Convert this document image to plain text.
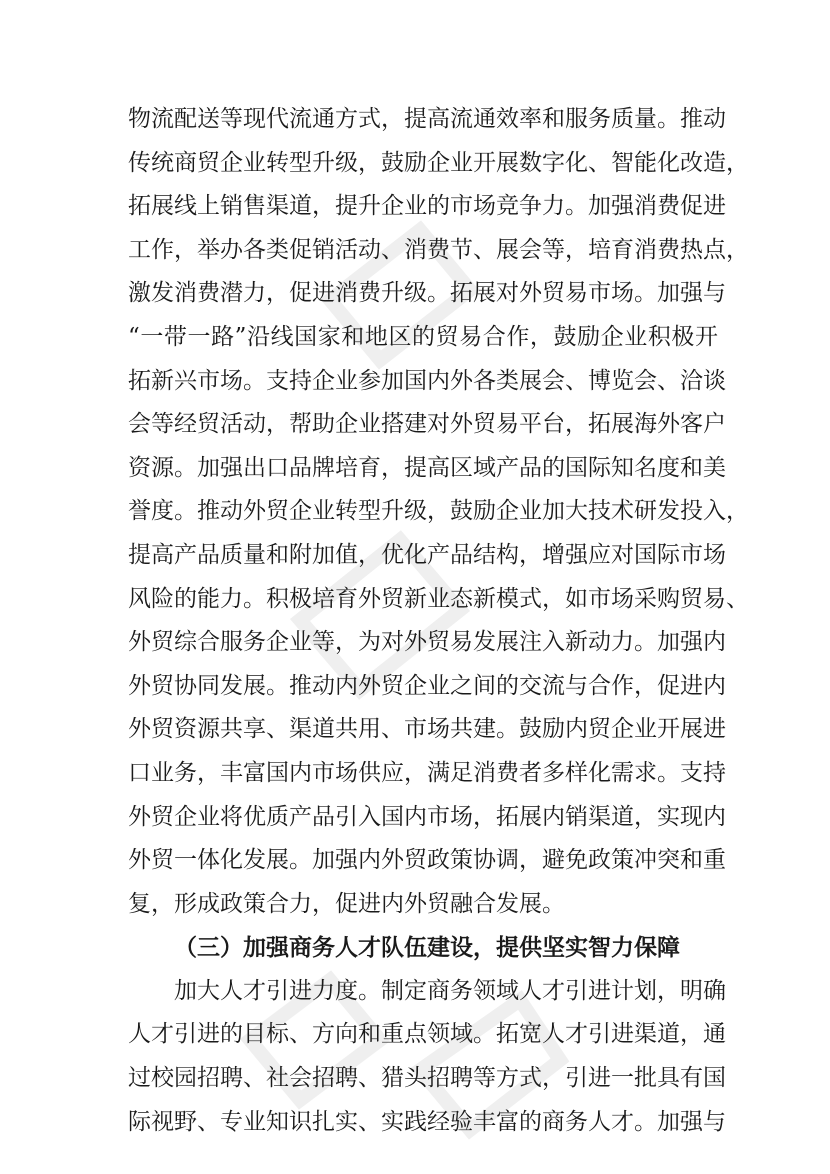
物流配送等现代流通方式，提高流通效率和服务质量。推动
传统商贸企业转型升级，鼓励企业开展数字化、智能化改造，
拓展线上销售渠道，提升企业的市场竞争力。加强消费促进
工作，举办各类促销活动、消费节、展会等，培育消费热点，
激发消费潜力，促进消费升级。拓展对外贸易市场。加强与
“一带一路”沿线国家和地区的贸易合作，鼓励企业积极开
拓新兴市场。支持企业参加国内外各类展会、博览会、洽谈
会等经贸活动，帮助企业搭建对外贸易平台，拓展海外客户
资源。加强出口品牌培育，提高区域产品的国际知名度和美
誉度。推动外贸企业转型升级，鼓励企业加大技术研发投入，
提高产品质量和附加值，优化产品结构，增强应对国际市场
风险的能力。积极培育外贸新业态新模式，如市场采购贸易、
外贸综合服务企业等，为对外贸易发展注入新动力。加强内
外贸协同发展。推动内外贸企业之间的交流与合作，促进内
外贸资源共享、渠道共用、市场共建。鼓励内贸企业开展进
口业务，丰富国内市场供应，满足消费者多样化需求。支持
外贸企业将优质产品引入国内市场，拓展内销渠道，实现内
外贸一体化发展。加强内外贸政策协调，避免政策冲突和重
复，形成政策合力，促进内外贸融合发展。
（三）加强商务人才队伍建设，提供坚实智力保障
加大人才引进力度。制定商务领域人才引进计划，明确
人才引进的目标、方向和重点领域。拓宽人才引进渠道，通
过校园招聘、社会招聘、猎头招聘等方式，引进一批具有国
际视野、专业知识扎实、实践经验丰富的商务人才。加强与
